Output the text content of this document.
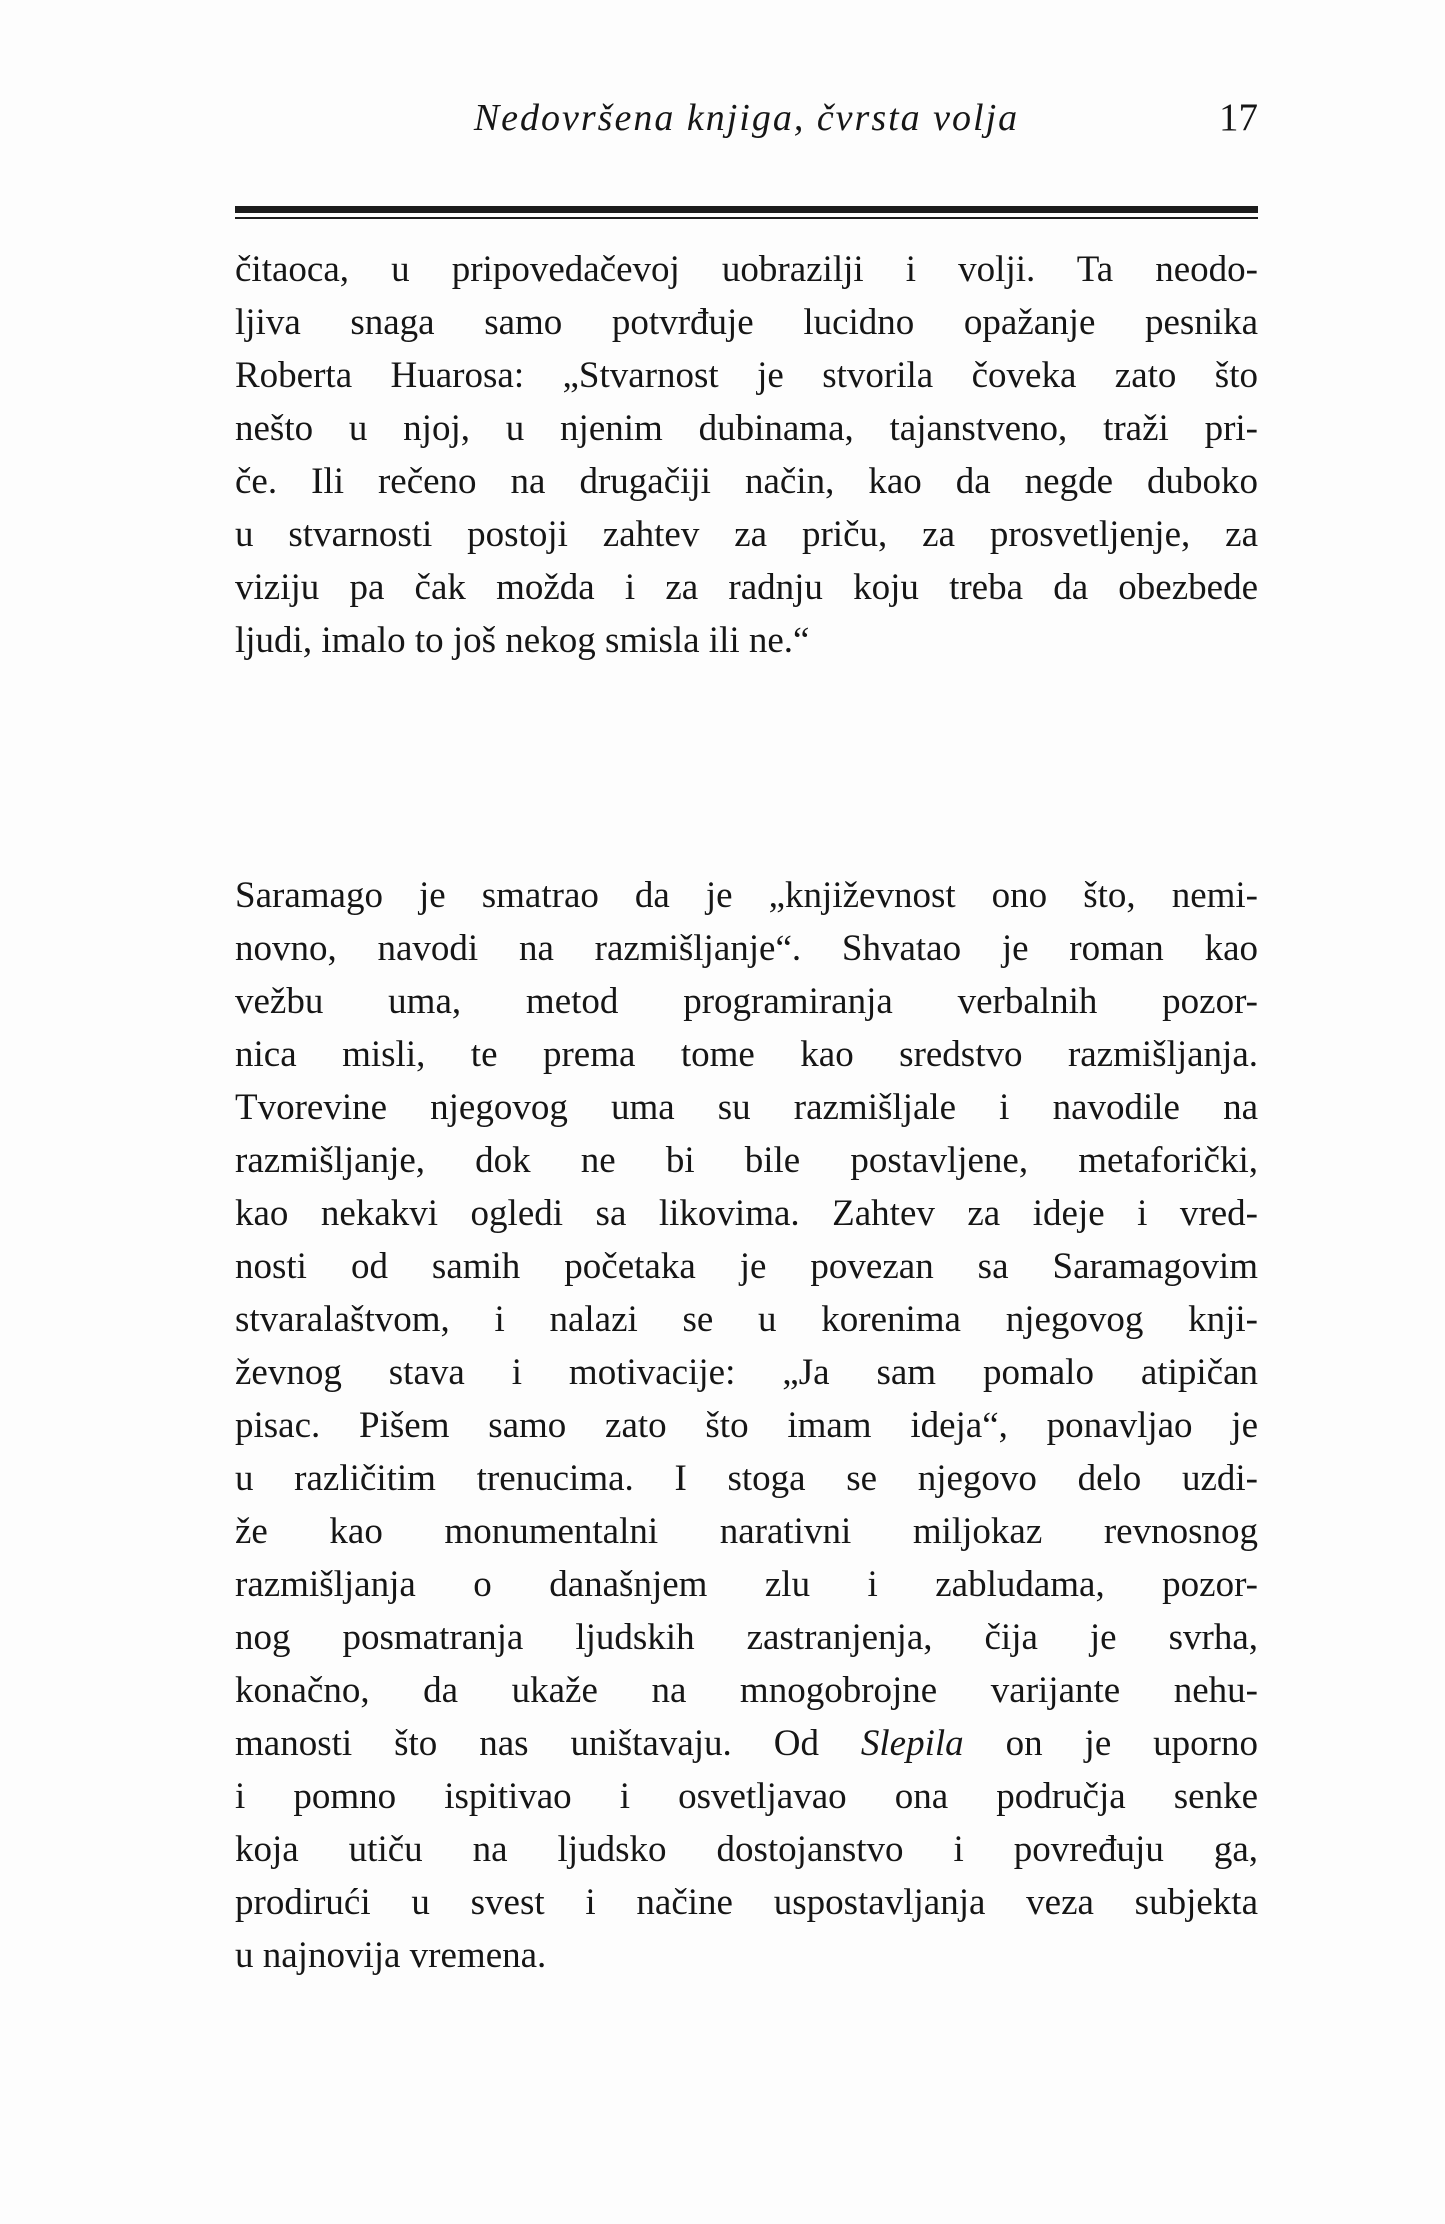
Nedovršena knjiga, čvrsta volja	17
čitaoca, u pripovedačevoj uobrazilji i volji. Ta neodo-
ljiva snaga samo potvrđuje lucidno opažanje pesnika
Roberta Huarosa: „Stvarnost je stvorila čoveka zato što
nešto u njoj, u njenim dubinama, tajanstveno, traži pri-
če. Ili rečeno na drugačiji način, kao da negde duboko
u stvarnosti postoji zahtev za priču, za prosvetljenje, za
viziju pa čak možda i za radnju koju treba da obezbede
ljudi, imalo to još nekog smisla ili ne.“
Saramago je smatrao da je „književnost ono što, nemi-
novno, navodi na razmišljanje“. Shvatao je roman kao
vežbu uma, metod programiranja verbalnih pozor-
nica misli, te prema tome kao sredstvo razmišljanja.
Tvorevine njegovog uma su razmišljale i navodile na
razmišljanje, dok ne bi bile postavljene, metaforički,
kao nekakvi ogledi sa likovima. Zahtev za ideje i vred-
nosti od samih početaka je povezan sa Saramagovim
stvaralaštvom, i nalazi se u korenima njegovog knji-
ževnog stava i motivacije: „Ja sam pomalo atipičan
pisac. Pišem samo zato što imam ideja“, ponavljao je
u različitim trenucima. I stoga se njegovo delo uzdi-
že kao monumentalni narativni miljokaz revnosnog
razmišljanja o današnjem zlu i zabludama, pozor-
nog posmatranja ljudskih zastranjenja, čija je svrha,
konačno, da ukaže na mnogobrojne varijante nehu-
manosti što nas uništavaju. Od Slepila on je uporno
i pomno ispitivao i osvetljavao ona područja senke
koja utiču na ljudsko dostojanstvo i povređuju ga,
prodirući u svest i načine uspostavljanja veza subjekta
u najnovija vremena.
